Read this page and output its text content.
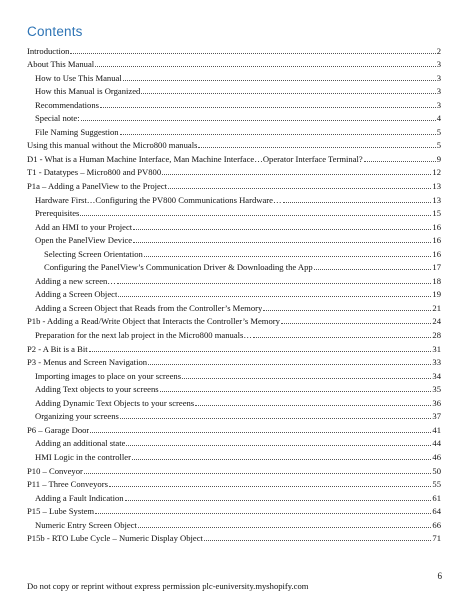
Contents
Introduction	2
About This Manual	3
How to Use This Manual	3
How this Manual is Organized	3
Recommendations	3
Special note:	4
File Naming Suggestion	5
Using this manual without the Micro800 manuals	5
D1 - What is a Human Machine Interface, Man Machine Interface…Operator Interface Terminal?	9
T1 - Datatypes – Micro800 and PV800	12
P1a – Adding a PanelView to the Project	13
Hardware First…Configuring the PV800 Communications Hardware…	13
Prerequisites	15
Add an HMI to your Project	16
Open the PanelView Device	16
Selecting Screen Orientation	16
Configuring the PanelView’s Communication Driver & Downloading the App	17
Adding a new screen…	18
Adding a Screen Object	19
Adding a Screen Object that Reads from the Controller’s Memory	21
P1b - Adding a Read/Write Object that Interacts the Controller’s Memory	24
Preparation for the next lab project in the Micro800 manuals…	28
P2 - A Bit is a Bit	31
P3 - Menus and Screen Navigation	33
Importing images to place on your screens	34
Adding Text objects to your screens	35
Adding Dynamic Text Objects to your screens	36
Organizing your screens	37
P6 – Garage Door	41
Adding an additional state	44
HMI Logic in the controller	46
P10 – Conveyor	50
P11 – Three Conveyors	55
Adding a Fault Indication	61
P15 – Lube System	64
Numeric Entry Screen Object	66
P15b - RTO Lube Cycle – Numeric Display Object	71
6
Do not copy or reprint without express permission plc-euniversity.myshopify.com
